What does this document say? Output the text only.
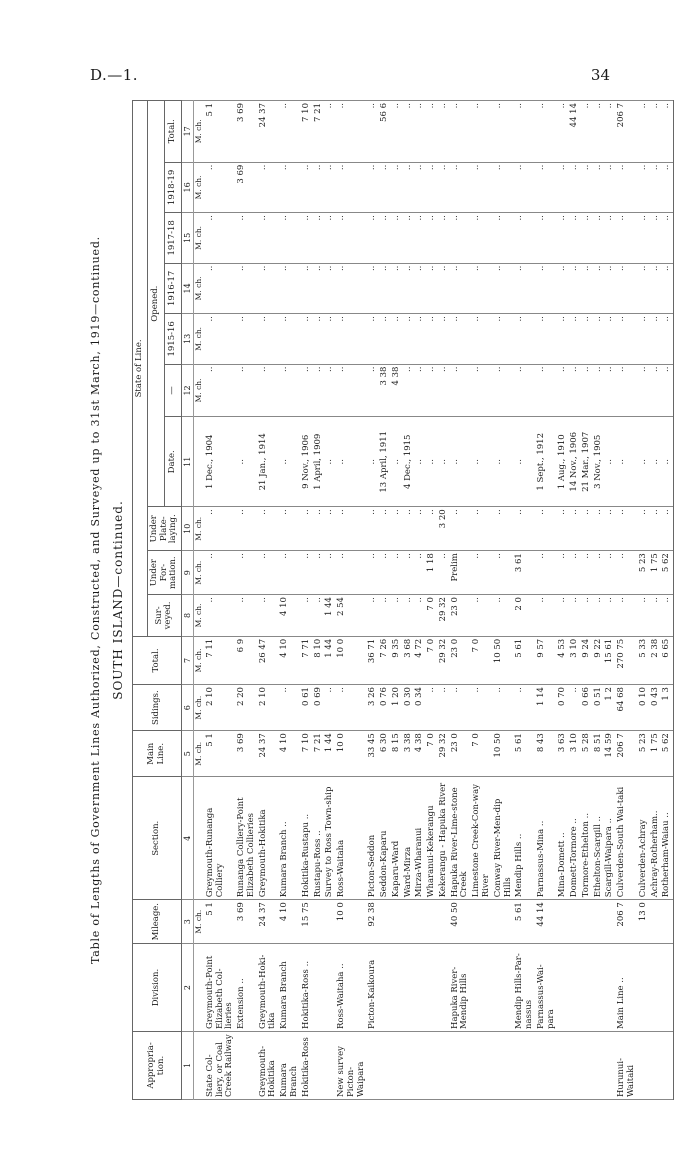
D.—1.	34
Table of Lengths of Government Lines Authorized, Constructed, and Surveyed up to 31st March, 1919—continued. SOUTH ISLAND—continued.
Appropria-tion.	Division.	Mileage.	Section.	Main Line.	Sidings.	Total.	State of Line.									
							Sur-veyed.	Under For-mation.	Under Plate-laying.	Opened.						
										Date.	—	1915-16	1916-17	1917-18	1918-19	Total.
1	2	3	4	5	6	7	8	9	10	11	12	13	14	15	16	17
		M. ch.		M. ch.	M. ch.	M. ch.	M. ch.	M. ch.	M. ch.		M. ch.	M. ch.	M. ch.	M. ch.	M. ch.	M. ch.
State Col-liery, or Coal Creek Railway	Greymouth-Point Elizabeth Col-lieries	5 1	Greymouth-Runanga Colliery	5 1	2 10	7 11	..	..	..	1 Dec., 1904	..	..	..	..	..	5 1
	Extension ..	3 69	Runanga Colliery-Point Elizabeth Collieries	3 69	2 20	6 9	..	..	..	..	..	..	..	..	3 69	3 69
Greymouth-Hokitika	Greymouth-Hoki-tika	24 37	Greymouth-Hokitika	24 37	2 10	26 47	..	..	..	21 Jan., 1914	..	..	..	..	..	24 37
Kumara Branch	Kumara Branch	4 10	Kumara Branch ..	4 10	..	4 10	4 10	..	..	..	..	..	..	..	..	..
Hokitika-Ross	Hokitika-Ross ..	15 75	Hokitika-Rustapu ..	7 10	0 61	7 71	..	..	..	9 Nov., 1906	..	..	..	..	..	7 10
			Rustapu-Ross ..	7 21	0 69	8 10	..	..	..	1 April, 1909	..	..	..	..	..	7 21
			Survey to Ross Town-ship	1 44	..	1 44	1 44	..	..	..	..	..	..	..	..	..
New survey Picton-Waipara	Ross-Waitaha ..	10 0	Ross-Waitaha	10 0	..	10 0	2 54	..	..	..	..	..	..	..	..	..
	Picton-Kaikoura	92 38	Picton-Seddon	33 45	3 26	36 71	..	..	..	..	..	..	..	..	..	..
			Seddon-Kaparu	6 30	0 76	7 26	..	..	..	13 April, 1911	3 38	..	..	..	..	56 6
			Kaparu-Ward	8 15	1 20	9 35	..	..	..	..	4 38	..	..	..	..	..
			Ward-Mirza	3 38	0 30	3 68	..	..	..	4 Dec., 1915	..	..	..	..	..	..
			Mirza-Wharanui	4 38	0 34	4 72	..	..	..	..	..	..	..	..	..	..
			Wharanui-Kekerangu	7 0	..	7 0	7 0	1 18	..	..	..	..	..	..	..	..
			Kekerangu - Hapuka River	29 32	..	29 32	29 32	..	3 20	..	..	..	..	..	..	..
	Hapuka River-Mendip Hills	40 50	Hapuka River-Lime-stone Creek	23 0	..	23 0	23 0	Prelim	..	..	..	..	..	..	..	..
			Limestone Creek-Con-way River	7 0	..	7 0	..	..	..	..	..	..	..	..	..	..
			Conway River-Men-dip Hills	10 50	..	10 50	..	..	..	..	..	..	..	..	..	..
	Mendip Hills-Par-nassus	5 61	Mendip Hills ..	5 61	..	5 61	2 0	3 61	..	..	..	..	..	..	..	..
	Parnassus-Wai-para	44 14	Parnassus-Mina ..	8 43	1 14	9 57	..	..	..	1 Sept., 1912	..	..	..	..	..	..
			Mina-Domett ..	3 63	0 70	4 53	..	..	..	1 Aug., 1910	..	..	..	..	..	..
			Domett-Tormore ..	3 10	..	3 10	..	..	..	14 Nov., 1906	..	..	..	..	..	44 14
			Tormore-Ethelton ..	5 28	0 66	9 24	..	..	..	21 Mar., 1907	..	..	..	..	..	..
			Ethelton-Scargill ..	8 51	0 51	9 22	..	..	..	3 Nov., 1905	..	..	..	..	..	..
			Scargill-Waipara ..	14 59	1 2	15 61	..	..	..	..	..	..	..	..	..	..
Hurunui-Waitaki	Main Line ..	206 7	Culverden-South Wai-taki	206 7	64 68	270 75	..	..	..	..	..	..	..	..	..	206 7
		13 0	Culverden-Achray	5 23	0 10	5 33	..	5 23	..	..	..	..	..	..	..	..
			Achray-Rotherham..	1 75	0 43	2 38	..	1 75	..	..	..	..	..	..	..	..
			Rotherham-Waiau ..	5 62	1 3	6 65	..	5 62	..	..	..	..	..	..	..	..
